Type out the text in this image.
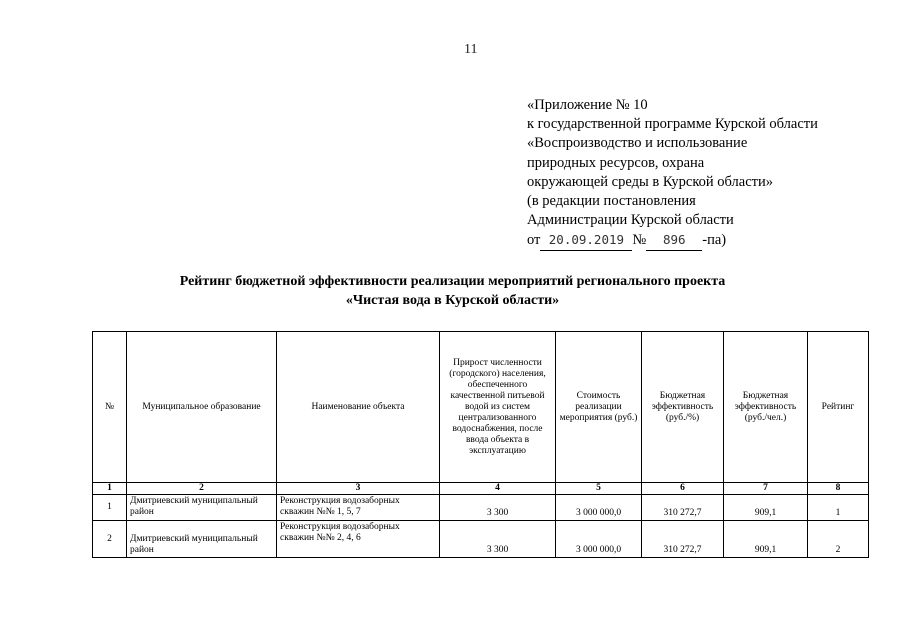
11
«Приложение № 10
к государственной программе Курской области
«Воспроизводство и использование
природных ресурсов, охрана
окружающей среды в Курской области»
(в редакции постановления
Администрации Курской области
от 20.09.2019 № 896 -па)
Рейтинг бюджетной эффективности реализации мероприятий регионального проекта
«Чистая вода в Курской области»
№	Муниципальное образование	Наименование объекта	Прирост численности (городского) населения, обеспеченного качественной питьевой водой из систем централизованного водоснабжения, после ввода объекта в эксплуатацию	Стоимость реализации мероприятия (руб.)	Бюджетная эффективность (руб./%)	Бюджетная эффективность (руб./чел.)	Рейтинг
1	2	3	4	5	6	7	8
1	Дмитриевский муниципальный район	Реконструкция водозаборных скважин №№ 1, 5, 7	3 300	3 000 000,0	310 272,7	909,1	1
2	Дмитриевский муниципальный район	Реконструкция водозаборных скважин №№ 2, 4, 6	3 300	3 000 000,0	310 272,7	909,1	2
